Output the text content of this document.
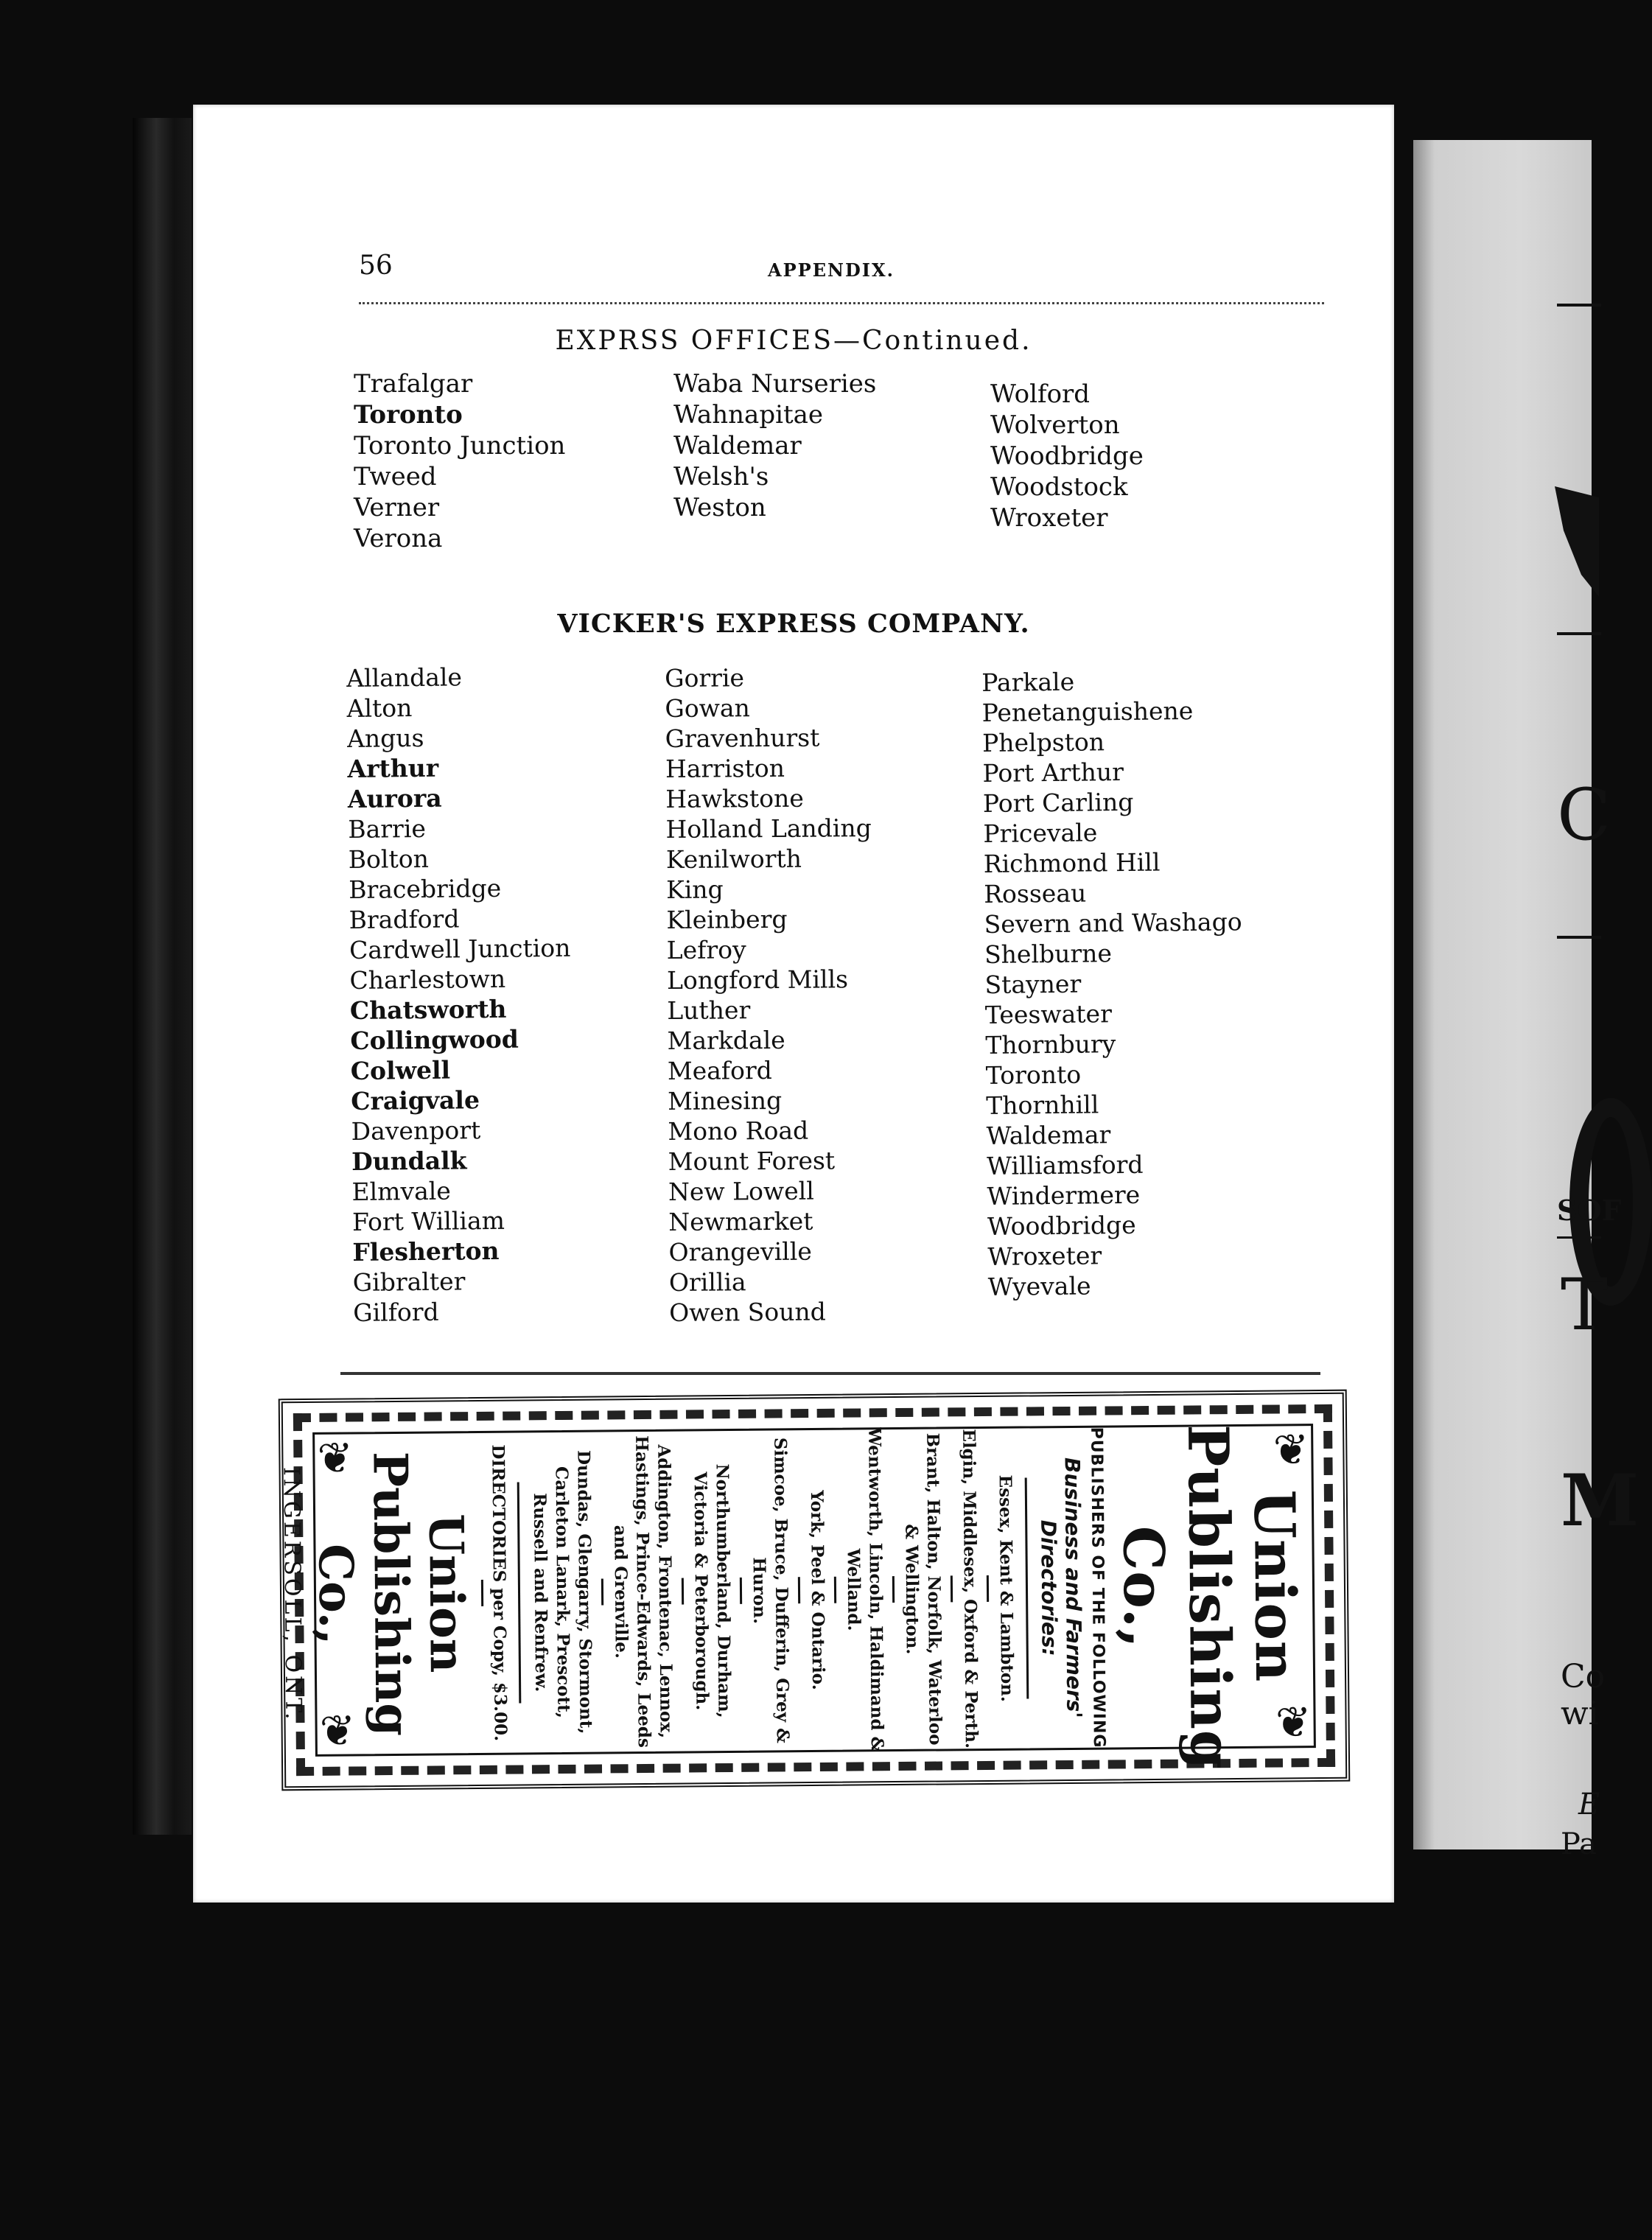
C
SOF
T
M
Co
wi
E
Pa
56	APPENDIX.
EXPRSS OFFICES—Continued.
Trafalgar
Toronto
Toronto Junction
Tweed
Verner
Verona
Waba Nurseries
Wahnapitae
Waldemar
Welsh's
Weston
Wolford
Wolverton
Woodbridge
Woodstock
Wroxeter
VICKER'S EXPRESS COMPANY.
Allandale
Alton
Angus
Arthur
Aurora
Barrie
Bolton
Bracebridge
Bradford
Cardwell Junction
Charlestown
Chatsworth
Collingwood
Colwell
Craigvale
Davenport
Dundalk
Elmvale
Fort William
Flesherton
Gibralter
Gilford
Gorrie
Gowan
Gravenhurst
Harriston
Hawkstone
Holland Landing
Kenilworth
King
Kleinberg
Lefroy
Longford Mills
Luther
Markdale
Meaford
Minesing
Mono Road
Mount Forest
New Lowell
Newmarket
Orangeville
Orillia
Owen Sound
Parkale
Penetanguishene
Phelpston
Port Arthur
Port Carling
Pricevale
Richmond Hill
Rosseau
Severn and Washago
Shelburne
Stayner
Teeswater
Thornbury
Toronto
Thornhill
Waldemar
Williamsford
Windermere
Woodbridge
Wroxeter
Wyevale
❦
❦
❦
❦
Union Publishing Co.,
PUBLISHERS OF THE FOLLOWING
Business and Farmers' Directories:
Essex, Kent & Lambton.
Elgin, Middlesex, Oxford & Perth.
Brant, Halton, Norfolk, Waterloo & Wellington.
Wentworth, Lincoln, Haldimand & Welland.
York, Peel & Ontario.
Simcoe, Bruce, Dufferin, Grey & Huron.
Northumberland, Durham, Victoria & Peterborough.
Addington, Frontenac, Lennox, Hastings, Prince-Edwards, Leeds and Grenville.
Dundas, Glengarry, Stormont, Carleton Lanark, Prescott, Russell and Renfrew.
DIRECTORIES per Copy, $3.00.
Union Publishing Co.,
INGERSOLL, ONT.
